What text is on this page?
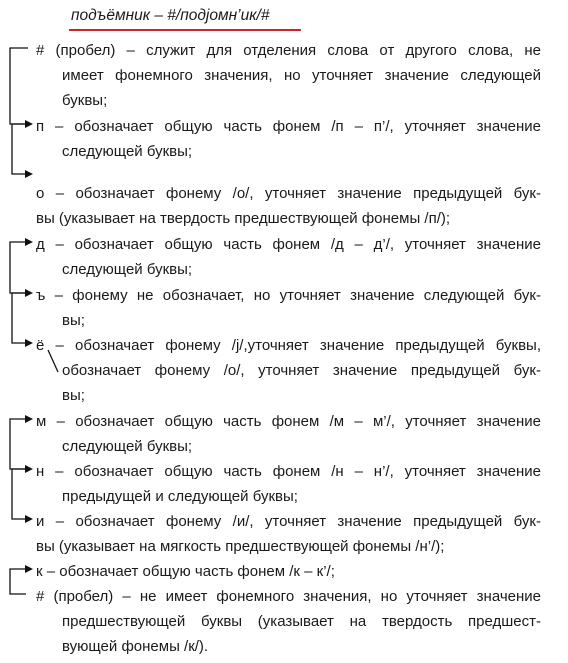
подъёмник – #/подjомн’ик/#
# (пробел) – служит для отделения слова от другого слова, не
имеет фонемного значения, но уточняет значение следующей
буквы;
п – обозначает общую часть фонем /п – п’/, уточняет значение
следующей буквы;
о – обозначает фонему /о/, уточняет значение предыдущей бук-
вы (указывает на твердость предшествующей фонемы /п/);
д – обозначает общую часть фонем /д – д’/, уточняет значение
следующей буквы;
ъ – фонему не обозначает, но уточняет значение следующей бук-
вы;
ё – обозначает фонему /j/,уточняет значение предыдущей буквы,
обозначает фонему /о/, уточняет значение предыдущей бук-
вы;
м – обозначает общую часть фонем /м – м’/, уточняет значение
следующей буквы;
н – обозначает общую часть фонем /н – н’/, уточняет значение
предыдущей и следующей буквы;
и – обозначает фонему /и/, уточняет значение предыдущей бук-
вы (указывает на мягкость предшествующей фонемы /н’/);
к – обозначает общую часть фонем /к – к’/;
# (пробел) – не имеет фонемного значения, но уточняет значение
предшествующей буквы (указывает на твердость предшест-
вующей фонемы /к/).
